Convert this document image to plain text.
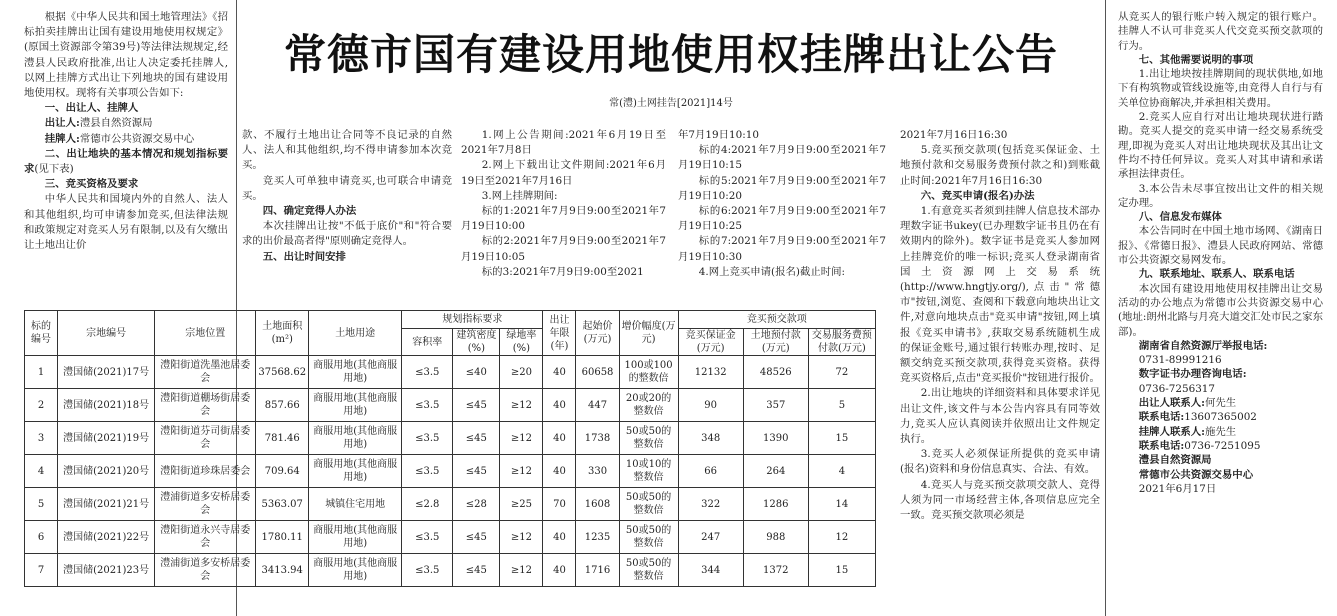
常德市国有建设用地使用权挂牌出让公告
常(澧)土网挂告[2021]14号

根据《中华人民共和国土地管理法》《招标拍卖挂牌出让国有建设用地使用权规定》(原国土资源部令第39号)等法律法规规定,经澧县人民政府批准,出让人决定委托挂牌人,以网上挂牌方式出让下列地块的国有建设用地使用权。现将有关事项公告如下:

一、出让人、挂牌人

出让人:澧县自然资源局

挂牌人:常德市公共资源交易中心

二、出让地块的基本情况和规划指标要求(见下表)

三、竞买资格及要求

中华人民共和国境内外的自然人、法人和其他组织,均可申请参加竞买,但法律法规和政策规定对竞买人另有限制,以及有欠缴出让土地出让价

款、不履行土地出让合同等不良记录的自然人、法人和其他组织,均不得申请参加本次竞买。

竞买人可单独申请竞买,也可联合申请竞买。

四、确定竞得人办法

本次挂牌出让按"不低于底价"和"符合要求的出价最高者得"原则确定竞得人。

五、出让时间安排

1.网上公告期间:2021年6月19日至2021年7月8日

2.网上下载出让文件期间:2021年6月19日至2021年7月16日

3.网上挂牌期间:

标的1:2021年7月9日9:00至2021年7月19日10:00

标的2:2021年7月9日9:00至2021年7月19日10:05

标的3:2021年7月9日9:00至2021

年7月19日10:10

标的4:2021年7月9日9:00至2021年7月19日10:15

标的5:2021年7月9日9:00至2021年7月19日10:20

标的6:2021年7月9日9:00至2021年7月19日10:25

标的7:2021年7月9日9:00至2021年7月19日10:30

4.网上竞买申请(报名)截止时间:

2021年7月16日16:30

5.竞买预交款项(包括竞买保证金、土地预付款和交易服务费预付款之和)到账截止时间:2021年7月16日16:30

六、竞买申请(报名)办法

1.有意竞买者须到挂牌人信息技术部办理数字证书ukey(已办理数字证书且仍在有效期内的除外)。数字证书是竞买人参加网上挂牌竞价的唯一标识;竞买人登录湖南省国土资源网上交易系统(http://www.hngtjy.org/),点击"常德市"按钮,浏览、查阅和下载意向地块出让文件,对意向地块点击"竞买申请"按钮,网上填报《竞买申请书》,获取交易系统随机生成的保证金账号,通过银行转账办理,按时、足额交纳竞买预交款项,获得竞买资格。获得竞买资格后,点击"竞买报价"按钮进行报价。

2.出让地块的详细资料和具体要求详见出让文件,该文件与本公告内容具有同等效力,竞买人应认真阅读并依照出让文件规定执行。

3.竞买人必须保证所提供的竞买申请(报名)资料和身份信息真实、合法、有效。

4.竞买人与竞买预交款项交款人、竞得人须为同一市场经营主体,各项信息应完全一致。竞买预交款项必须是

从竞买人的银行账户转入规定的银行账户。挂牌人不认可非竞买人代交竞买预交款项的行为。

七、其他需要说明的事项

1.出让地块按挂牌期间的现状供地,如地下有构筑物或管线设施等,由竞得人自行与有关单位协商解决,并承担相关费用。

2.竞买人应自行对出让地块现状进行踏勘。竞买人提交的竞买申请一经交易系统受理,即视为竞买人对出让地块现状及其出让文件均不持任何异议。竞买人对其申请和承诺承担法律责任。

3.本公告未尽事宜按出让文件的相关规定办理。

八、信息发布媒体

本公告同时在中国土地市场网、《湖南日报》、《常德日报》、澧县人民政府网站、常德市公共资源交易网发布。

九、联系地址、联系人、联系电话

本次国有建设用地使用权挂牌出让交易活动的办公地点为常德市公共资源交易中心(地址:朗州北路与月亮大道交汇处市民之家东部)。

湖南省自然资源厅举报电话:

0731-89991216

数字证书办理咨询电话:

0736-7256317

出让人联系人:何先生

联系电话:13607365002

挂牌人联系人:施先生

联系电话:0736-7251095

澧县自然资源局

常德市公共资源交易中心

2021年6月17日

标的编号	宗地编号	宗地位置	土地面积(m²)	土地用途	规划指标要求			出让年限(年)	起始价(万元)	增价幅度(万元)	竞买预交款项		
					容积率	建筑密度(%)	绿地率(%)				竞买保证金(万元)	土地预付款(万元)	交易服务费预付款(万元)
1	澧国储(2021)17号	澧阳街道洗墨池居委会	37568.62	商服用地(其他商服用地)	≤3.5	≤40	≥20	40	60658	100或100的整数倍	12132	48526	72
2	澧国储(2021)18号	澧阳街道棚场街居委会	857.66	商服用地(其他商服用地)	≤3.5	≤45	≥12	40	447	20或20的整数倍	90	357	5
3	澧国储(2021)19号	澧阳街道芬司街居委会	781.46	商服用地(其他商服用地)	≤3.5	≤45	≥12	40	1738	50或50的整数倍	348	1390	15
4	澧国储(2021)20号	澧阳街道珍珠居委会	709.64	商服用地(其他商服用地)	≤3.5	≤45	≥12	40	330	10或10的整数倍	66	264	4
5	澧国储(2021)21号	澧浦街道多安桥居委会	5363.07	城镇住宅用地	≤2.8	≤28	≥25	70	1608	50或50的整数倍	322	1286	14
6	澧国储(2021)22号	澧阳街道永兴寺居委会	1780.11	商服用地(其他商服用地)	≤3.5	≤45	≥12	40	1235	50或50的整数倍	247	988	12
7	澧国储(2021)23号	澧浦街道多安桥居委会	3413.94	商服用地(其他商服用地)	≤3.5	≤45	≥12	40	1716	50或50的整数倍	344	1372	15
